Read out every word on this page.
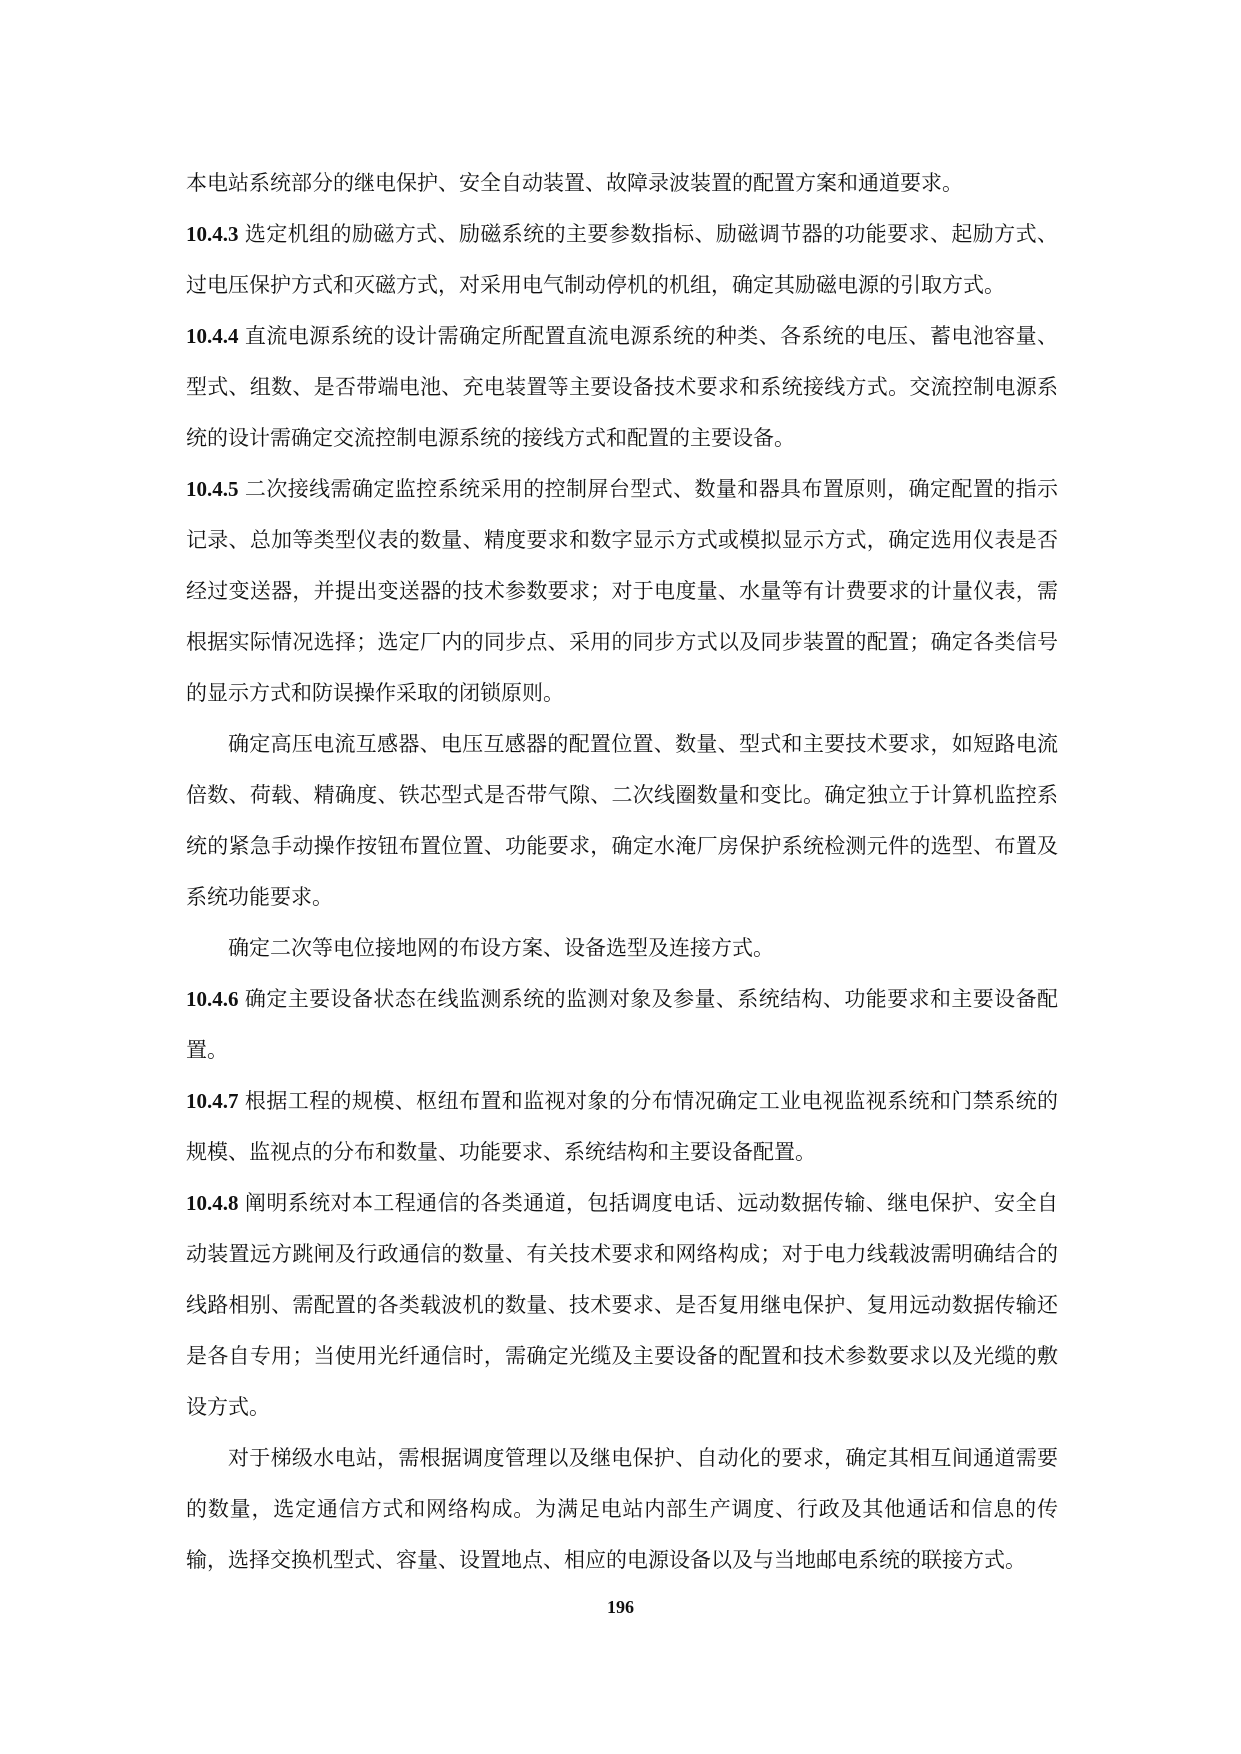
本电站系统部分的继电保护、安全自动装置、故障录波装置的配置方案和通道要求。

10.4.3 选定机组的励磁方式、励磁系统的主要参数指标、励磁调节器的功能要求、起励方式、过电压保护方式和灭磁方式，对采用电气制动停机的机组，确定其励磁电源的引取方式。

10.4.4 直流电源系统的设计需确定所配置直流电源系统的种类、各系统的电压、蓄电池容量、型式、组数、是否带端电池、充电装置等主要设备技术要求和系统接线方式。交流控制电源系统的设计需确定交流控制电源系统的接线方式和配置的主要设备。

10.4.5 二次接线需确定监控系统采用的控制屏台型式、数量和器具布置原则，确定配置的指示记录、总加等类型仪表的数量、精度要求和数字显示方式或模拟显示方式，确定选用仪表是否经过变送器，并提出变送器的技术参数要求；对于电度量、水量等有计费要求的计量仪表，需根据实际情况选择；选定厂内的同步点、采用的同步方式以及同步装置的配置；确定各类信号的显示方式和防误操作采取的闭锁原则。

确定高压电流互感器、电压互感器的配置位置、数量、型式和主要技术要求，如短路电流倍数、荷载、精确度、铁芯型式是否带气隙、二次线圈数量和变比。确定独立于计算机监控系统的紧急手动操作按钮布置位置、功能要求，确定水淹厂房保护系统检测元件的选型、布置及系统功能要求。

确定二次等电位接地网的布设方案、设备选型及连接方式。

10.4.6 确定主要设备状态在线监测系统的监测对象及参量、系统结构、功能要求和主要设备配置。

10.4.7 根据工程的规模、枢纽布置和监视对象的分布情况确定工业电视监视系统和门禁系统的规模、监视点的分布和数量、功能要求、系统结构和主要设备配置。

10.4.8 阐明系统对本工程通信的各类通道，包括调度电话、远动数据传输、继电保护、安全自动装置远方跳闸及行政通信的数量、有关技术要求和网络构成；对于电力线载波需明确结合的线路相别、需配置的各类载波机的数量、技术要求、是否复用继电保护、复用远动数据传输还是各自专用；当使用光纤通信时，需确定光缆及主要设备的配置和技术参数要求以及光缆的敷设方式。

对于梯级水电站，需根据调度管理以及继电保护、自动化的要求，确定其相互间通道需要的数量，选定通信方式和网络构成。为满足电站内部生产调度、行政及其他通话和信息的传输，选择交换机型式、容量、设置地点、相应的电源设备以及与当地邮电系统的联接方式。

196
